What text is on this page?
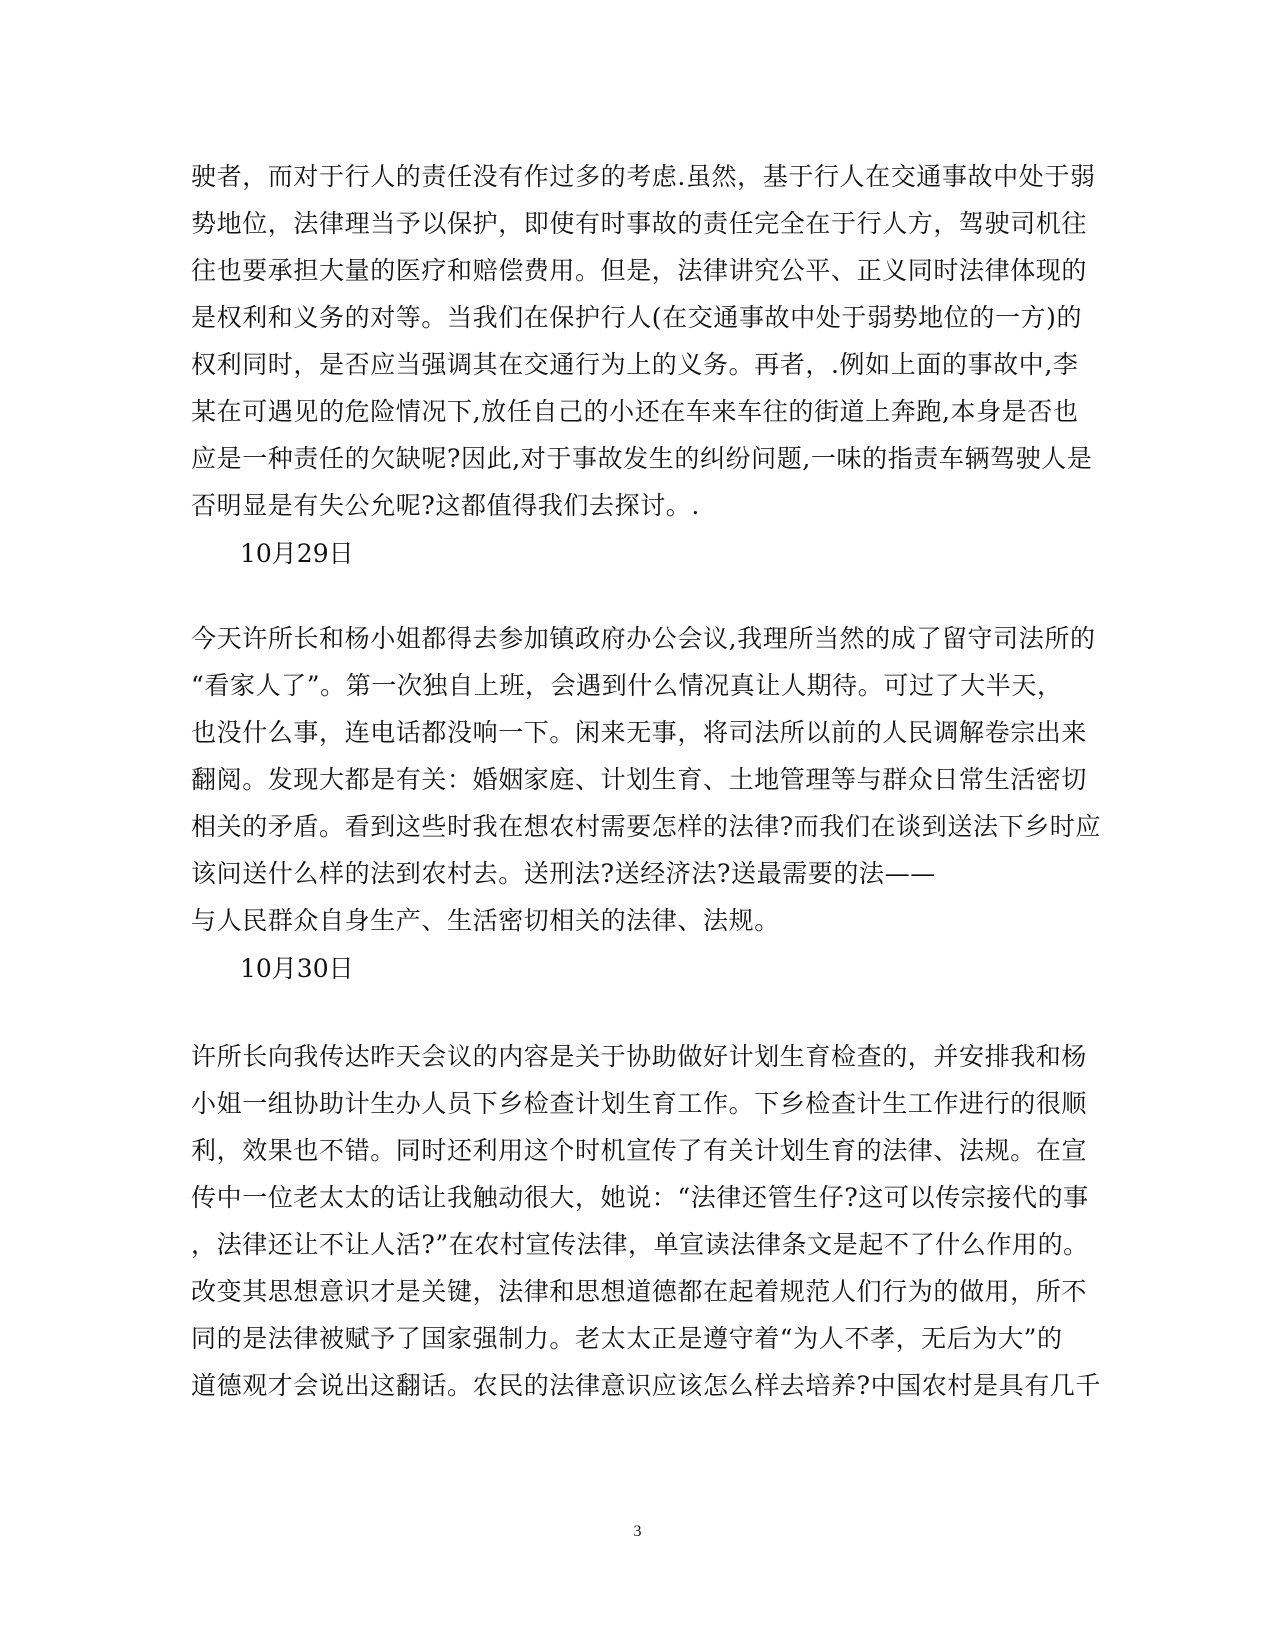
驶者，而对于行人的责任没有作过多的考虑.虽然，基于行人在交通事故中处于弱
势地位，法律理当予以保护，即使有时事故的责任完全在于行人方，驾驶司机往
往也要承担大量的医疗和赔偿费用。但是，法律讲究公平、正义同时法律体现的
是权利和义务的对等。当我们在保护行人(在交通事故中处于弱势地位的一方)的
权利同时，是否应当强调其在交通行为上的义务。再者，.例如上面的事故中,李
某在可遇见的危险情况下,放任自己的小还在车来车往的街道上奔跑,本身是否也
应是一种责任的欠缺呢?因此,对于事故发生的纠纷问题,一味的指责车辆驾驶人是
否明显是有失公允呢?这都值得我们去探讨。.
10月29日
今天许所长和杨小姐都得去参加镇政府办公会议,我理所当然的成了留守司法所的
“看家人了”。第一次独自上班，会遇到什么情况真让人期待。可过了大半天，
也没什么事，连电话都没响一下。闲来无事，将司法所以前的人民调解卷宗出来
翻阅。发现大都是有关：婚姻家庭、计划生育、土地管理等与群众日常生活密切
相关的矛盾。看到这些时我在想农村需要怎样的法律?而我们在谈到送法下乡时应
该问送什么样的法到农村去。送刑法?送经济法?送最需要的法——
与人民群众自身生产、生活密切相关的法律、法规。
10月30日
许所长向我传达昨天会议的内容是关于协助做好计划生育检查的，并安排我和杨
小姐一组协助计生办人员下乡检查计划生育工作。下乡检查计生工作进行的很顺
利，效果也不错。同时还利用这个时机宣传了有关计划生育的法律、法规。在宣
传中一位老太太的话让我触动很大，她说：“法律还管生仔?这可以传宗接代的事
，法律还让不让人活?”在农村宣传法律，单宣读法律条文是起不了什么作用的。
改变其思想意识才是关键，法律和思想道德都在起着规范人们行为的做用，所不
同的是法律被赋予了国家强制力。老太太正是遵守着“为人不孝，无后为大”的
道德观才会说出这翻话。农民的法律意识应该怎么样去培养?中国农村是具有几千
3
